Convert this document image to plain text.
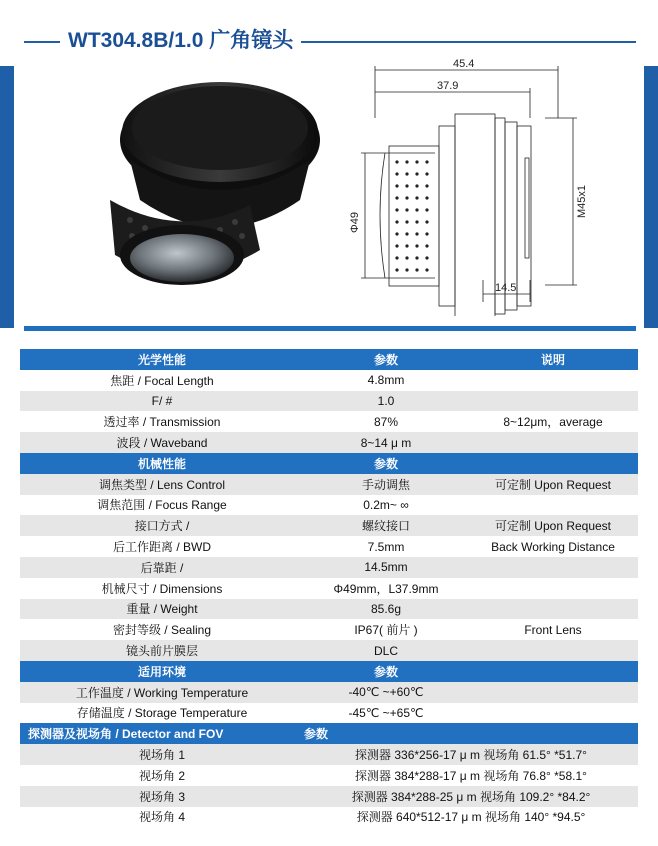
WT304.8B/1.0 广角镜头
45.4
37.9
Φ49
M45x1
14.5
光学性能	参数	说明
焦距 / Focal Length	4.8mm
F/ #	1.0
透过率 / Transmission	87%	8~12μm，average
波段 / Waveband	8~14 μ m
机械性能	参数
调焦类型 / Lens Control	手动调焦	可定制 Upon Request
调焦范围 / Focus Range	0.2m~ ∞
接口方式 /	螺纹接口	可定制 Upon Request
后工作距离 / BWD	7.5mm	Back Working Distance
后靠距 /	14.5mm
机械尺寸 / Dimensions	Φ49mm，L37.9mm
重量 / Weight	85.6g
密封等级 / Sealing	IP67( 前片 )	Front Lens
镜头前片膜层	DLC
适用环境	参数
工作温度 / Working Temperature	-40℃ ~+60℃
存储温度 / Storage Temperature	-45℃ ~+65℃
探测器及视场角 / Detector and FOV	参数
视场角 1	探测器 336*256-17 μ m 视场角 61.5° *51.7°
视场角 2	探测器 384*288-17 μ m 视场角 76.8° *58.1°
视场角 3	探测器 384*288-25 μ m 视场角 109.2° *84.2°
视场角 4	探测器 640*512-17 μ m 视场角 140° *94.5°
